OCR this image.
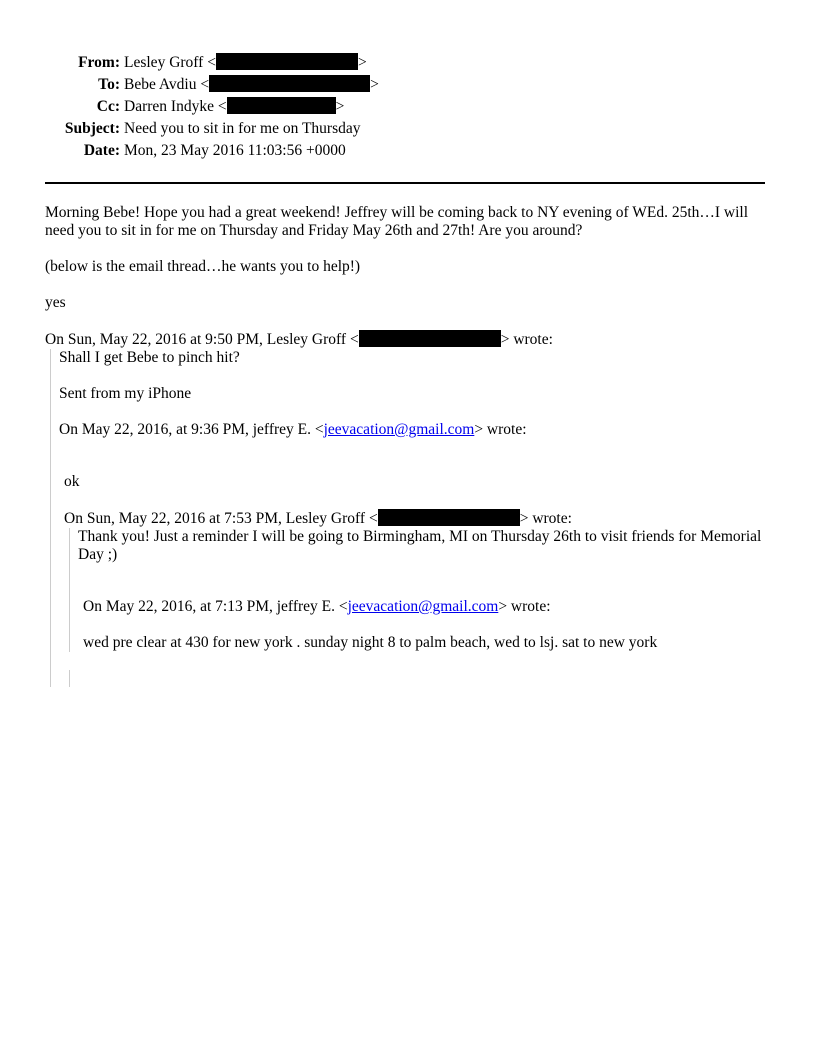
From: Lesley Groff <	>
To: Bebe Avdiu <	>
Cc: Darren Indyke <	>
Subject: Need you to sit in for me on Thursday
Date: Mon, 23 May 2016 11:03:56 +0000
Morning Bebe! Hope you had a great weekend! Jeffrey will be coming back to NY evening of WEd. 25th…I will need you to sit in for me on Thursday and Friday May 26th and 27th! Are you around?
(below is the email thread…he wants you to help!)
yes
On Sun, May 22, 2016 at 9:50 PM, Lesley Groff <	> wrote:
Shall I get Bebe to pinch hit?
Sent from my iPhone
On May 22, 2016, at 9:36 PM, jeffrey E. <jeevacation@gmail.com> wrote:
ok
On Sun, May 22, 2016 at 7:53 PM, Lesley Groff <	> wrote:
Thank you! Just a reminder I will be going to Birmingham, MI on Thursday 26th to visit friends for Memorial Day ;)
On May 22, 2016, at 7:13 PM, jeffrey E. <jeevacation@gmail.com> wrote:
wed pre clear at 430 for new york . sunday night 8 to palm beach, wed to lsj. sat to new york
